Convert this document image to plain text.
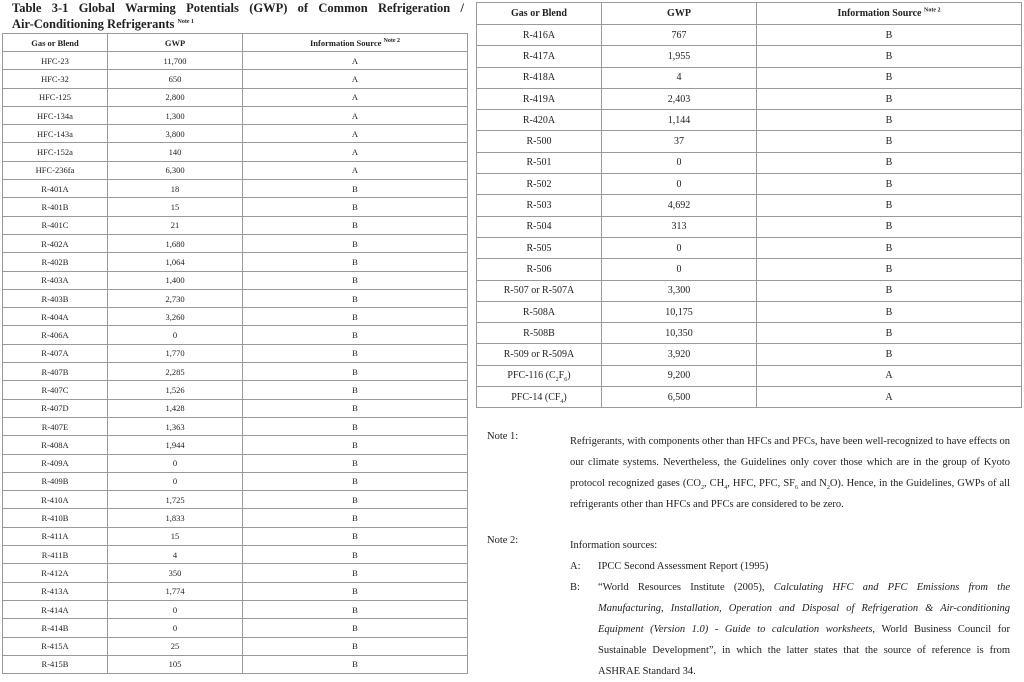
Table 3-1 Global Warming Potentials (GWP) of Common Refrigeration /
Air-Conditioning Refrigerants $^{Note 1}$
Gas or Blend	GWP	Information Source $^{Note 2}$
HFC-23	11,700	A
HFC-32	650	A
HFC-125	2,800	A
HFC-134a	1,300	A
HFC-143a	3,800	A
HFC-152a	140	A
HFC-236fa	6,300	A
R-401A	18	B
R-401B	15	B
R-401C	21	B
R-402A	1,680	B
R-402B	1,064	B
R-403A	1,400	B
R-403B	2,730	B
R-404A	3,260	B
R-406A	0	B
R-407A	1,770	B
R-407B	2,285	B
R-407C	1,526	B
R-407D	1,428	B
R-407E	1,363	B
R-408A	1,944	B
R-409A	0	B
R-409B	0	B
R-410A	1,725	B
R-410B	1,833	B
R-411A	15	B
R-411B	4	B
R-412A	350	B
R-413A	1,774	B
R-414A	0	B
R-414B	0	B
R-415A	25	B
R-415B	105	B
Gas or Blend	GWP	Information Source $^{Note 2}$
R-416A	767	B
R-417A	1,955	B
R-418A	4	B
R-419A	2,403	B
R-420A	1,144	B
R-500	37	B
R-501	0	B
R-502	0	B
R-503	4,692	B
R-504	313	B
R-505	0	B
R-506	0	B
R-507 or R-507A	3,300	B
R-508A	10,175	B
R-508B	10,350	B
R-509 or R-509A	3,920	B
PFC-116 $(C_2F_6)$	9,200	A
PFC-14 $(CF_4)$	6,500	A
Note 1:	Refrigerants, with components other than HFCs and PFCs, have been well-recognized to have effects on our climate systems. Nevertheless, the Guidelines only cover those which are in the group of Kyoto protocol recognized gases ($CO_2$, $CH_4$, HFC, PFC, $SF_6$ and $N_2O$). Hence, in the Guidelines, GWPs of all refrigerants other than HFCs and PFCs are considered to be zero.
Note 2:	Information sources:
A:	IPCC Second Assessment Report (1995)
B:	“World Resources Institute (2005), Calculating HFC and PFC Emissions from the Manufacturing, Installation, Operation and Disposal of Refrigeration & Air-conditioning Equipment (Version 1.0) - Guide to calculation worksheets, World Business Council for Sustainable Development”, in which the latter states that the source of reference is from ASHRAE Standard 34.
